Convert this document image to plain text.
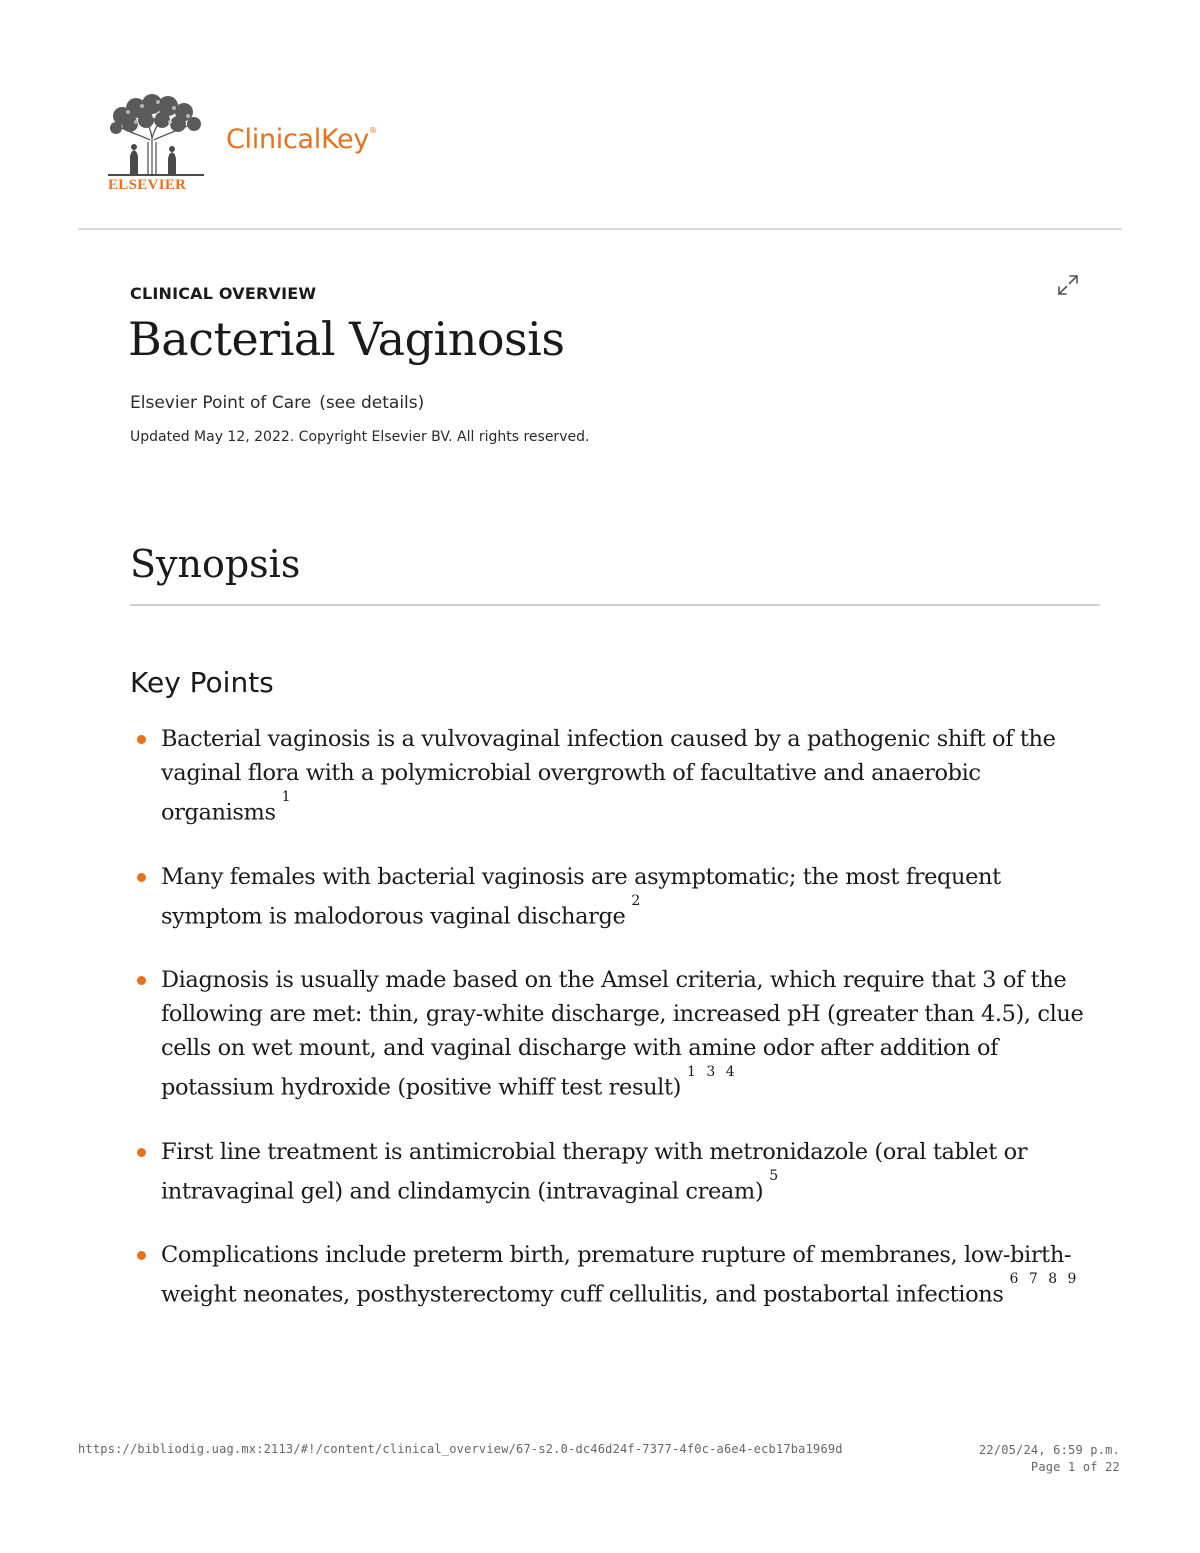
ELSEVIER
ClinicalKey®
CLINICAL OVERVIEW
Bacterial Vaginosis
Elsevier Point of Care (see details)
Updated May 12, 2022. Copyright Elsevier BV. All rights reserved.
Synopsis
Key Points
Bacterial vaginosis is a vulvovaginal infection caused by a pathogenic shift of the vaginal flora with a polymicrobial overgrowth of facultative and anaerobic organisms$^1$
Many females with bacterial vaginosis are asymptomatic; the most frequent symptom is malodorous vaginal discharge$^2$
Diagnosis is usually made based on the Amsel criteria, which require that 3 of the following are met: thin, gray-white discharge, increased pH (greater than 4.5), clue cells on wet mount, and vaginal discharge with amine odor after addition of potassium hydroxide (positive whiff test result)$^{1 3 4}$
First line treatment is antimicrobial therapy with metronidazole (oral tablet or intravaginal gel) and clindamycin (intravaginal cream)$^5$
Complications include preterm birth, premature rupture of membranes, low-birth-weight neonates, posthysterectomy cuff cellulitis, and postabortal infections$^{6 7 8 9}$
https://bibliodig.uag.mx:2113/#!/content/clinical_overview/67-s2.0-dc46d24f-7377-4f0c-a6e4-ecb17ba1969d	22/05/24, 6:59 p.m.
Page 1 of 22
